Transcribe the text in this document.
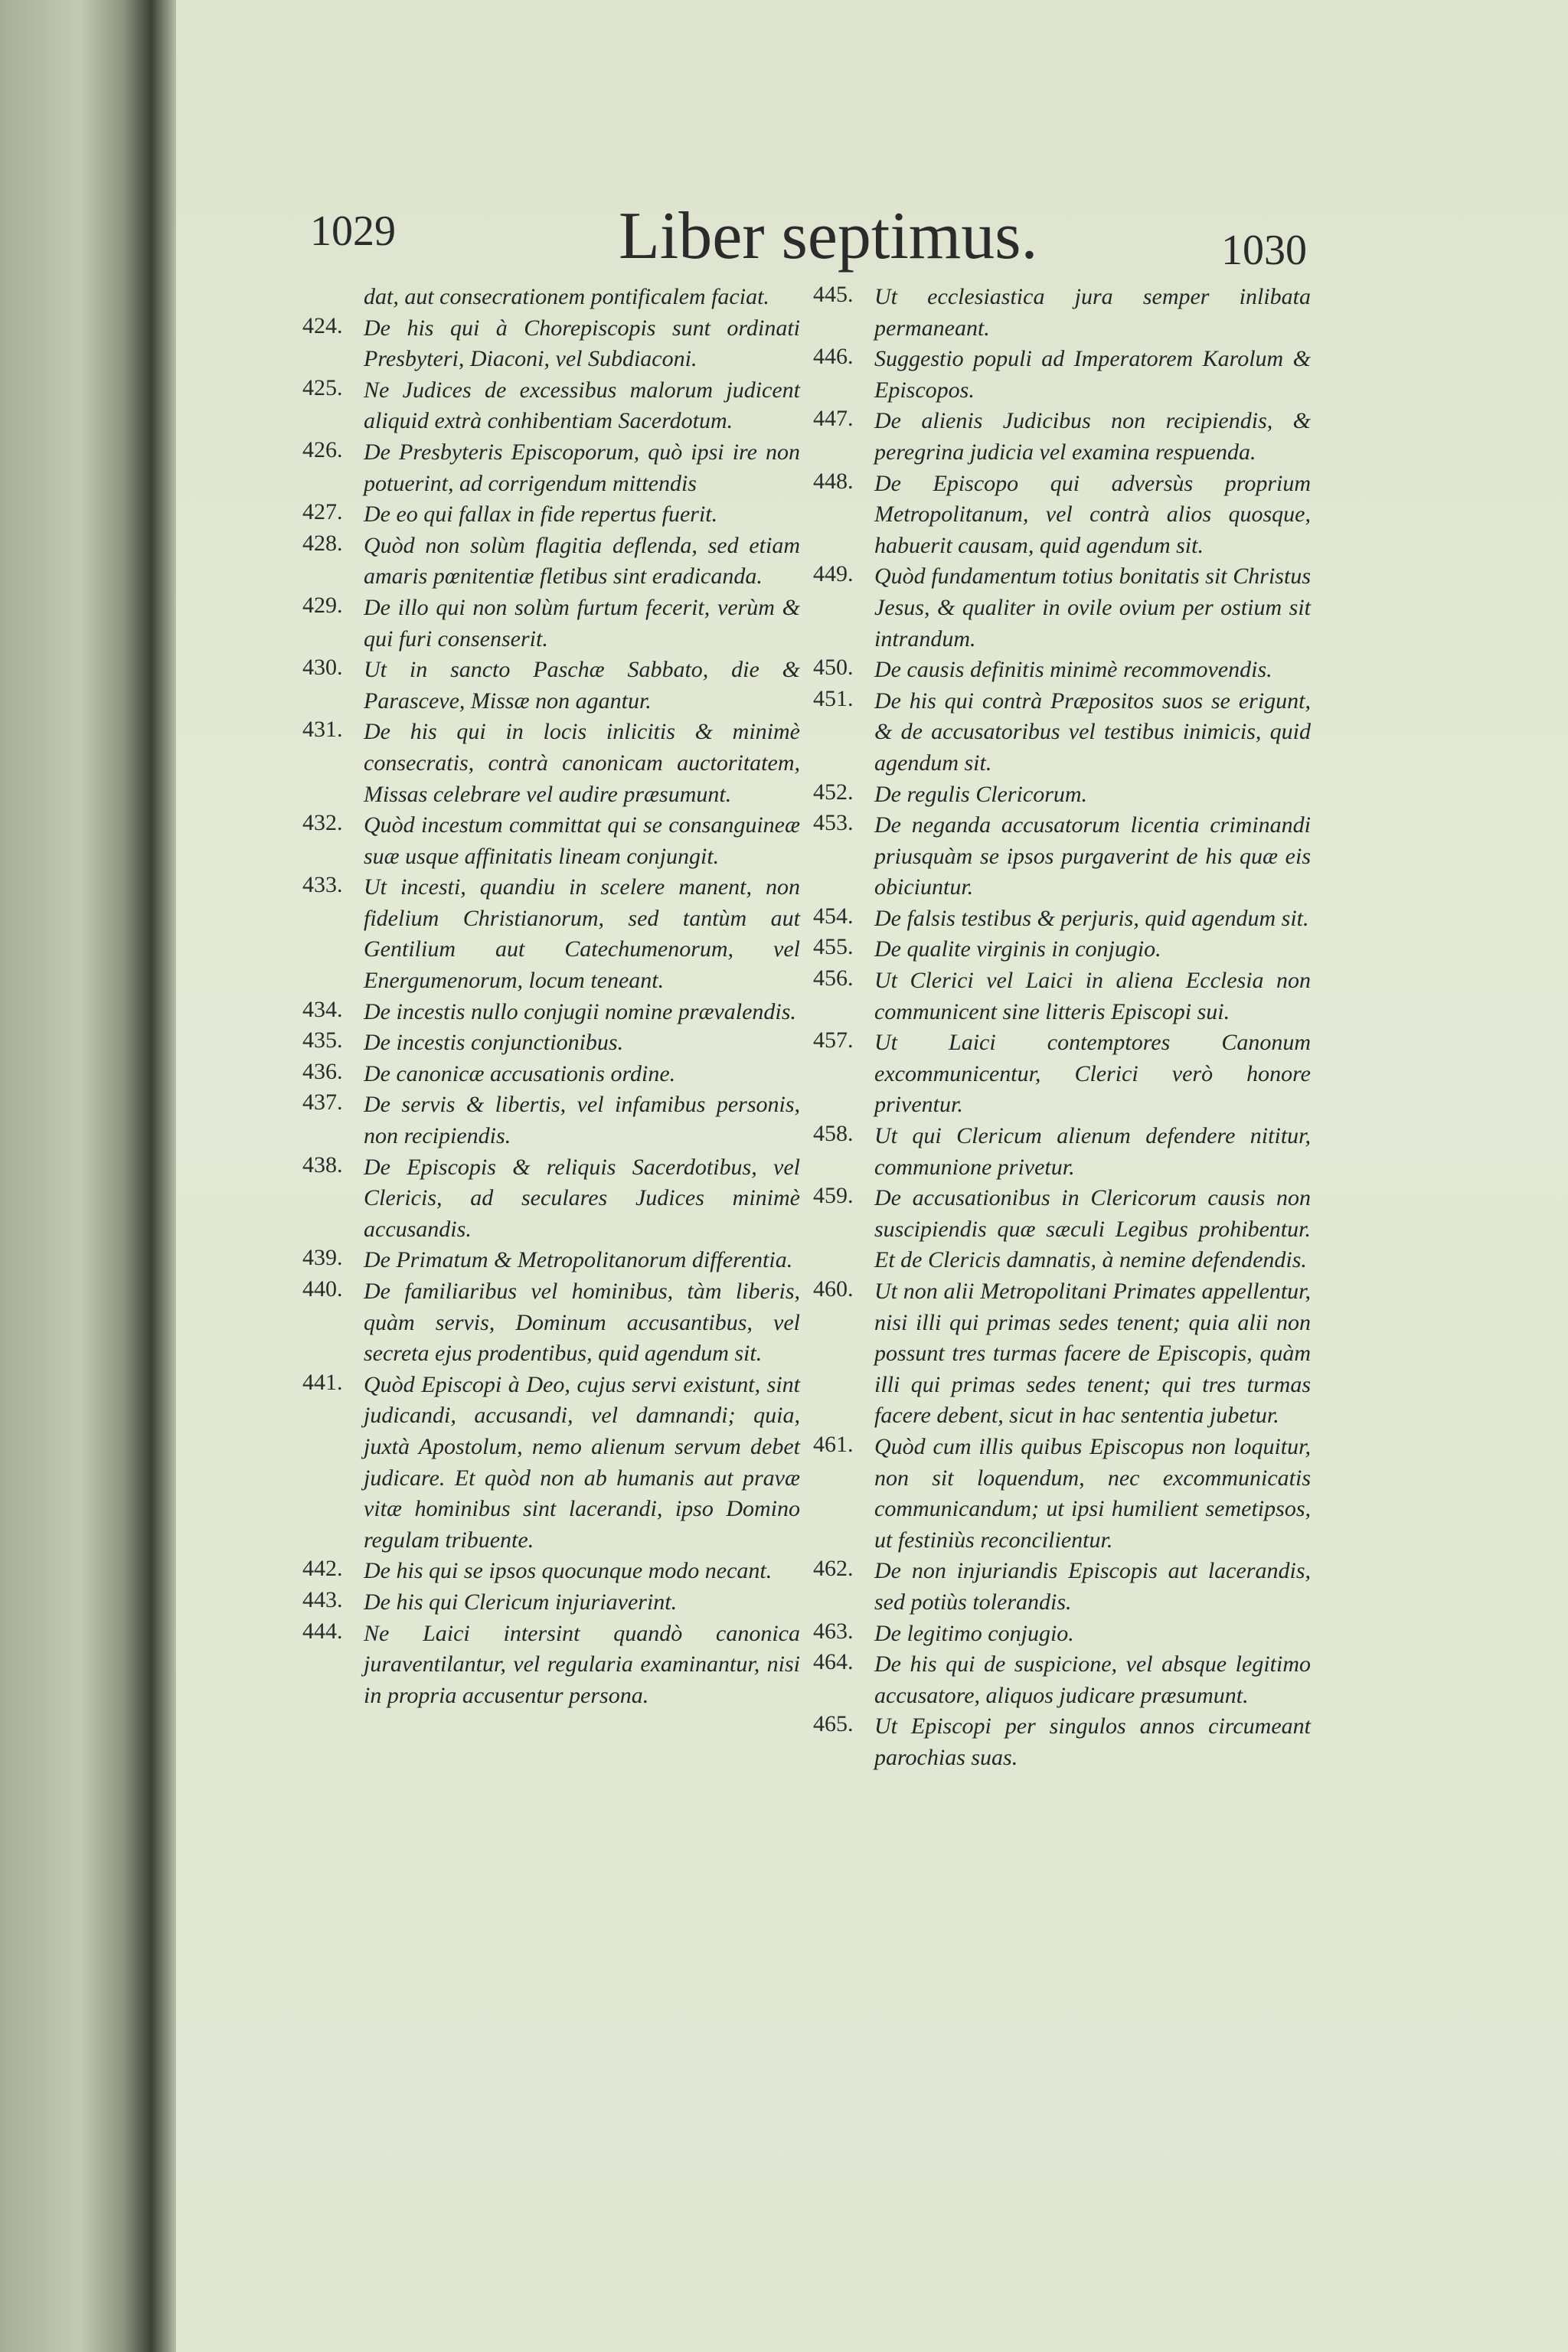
1029	Liber septimus.	1030
dat, aut consecrationem pontificalem faciat.
424. De his qui à Chorepiscopis sunt ordinati Presbyteri, Diaconi, vel Subdiaconi.
425. Ne Judices de excessibus malorum judicent aliquid extrà conhibentiam Sacerdotum.
426. De Presbyteris Episcoporum, quò ipsi ire non potuerint, ad corrigendum mittendis
427. De eo qui fallax in fide repertus fuerit.
428. Quòd non solùm flagitia deflenda, sed etiam amaris pœnitentiæ fletibus sint eradicanda.
429. De illo qui non solùm furtum fecerit, verùm & qui furi consenserit.
430. Ut in sancto Paschæ Sabbato, die & Parasceve, Missæ non agantur.
431. De his qui in locis inlicitis & minimè consecratis, contrà canonicam auctoritatem, Missas celebrare vel audire præsumunt.
432. Quòd incestum committat qui se consanguineæ suæ usque affinitatis lineam conjungit.
433. Ut incesti, quandiu in scelere manent, non fidelium Christianorum, sed tantùm aut Gentilium aut Catechumenorum, vel Energumenorum, locum teneant.
434. De incestis nullo conjugii nomine prævalendis.
435. De incestis conjunctionibus.
436. De canonicæ accusationis ordine.
437. De servis & libertis, vel infamibus personis, non recipiendis.
438. De Episcopis & reliquis Sacerdotibus, vel Clericis, ad seculares Judices minimè accusandis.
439. De Primatum & Metropolitanorum differentia.
440. De familiaribus vel hominibus, tàm liberis, quàm servis, Dominum accusantibus, vel secreta ejus prodentibus, quid agendum sit.
441. Quòd Episcopi à Deo, cujus servi existunt, sint judicandi, accusandi, vel damnandi; quia, juxtà Apostolum, nemo alienum servum debet judicare. Et quòd non ab humanis aut pravæ vitæ hominibus sint lacerandi, ipso Domino regulam tribuente.
442. De his qui se ipsos quocunque modo necant.
443. De his qui Clericum injuriaverint.
444. Ne Laici intersint quandò canonica juraventilantur, vel regularia examinantur, nisi in propria accusentur persona.
445. Ut ecclesiastica jura semper inlibata permaneant.
446. Suggestio populi ad Imperatorem Karolum & Episcopos.
447. De alienis Judicibus non recipiendis, & peregrina judicia vel examina respuenda.
448. De Episcopo qui adversùs proprium Metropolitanum, vel contrà alios quosque, habuerit causam, quid agendum sit.
449. Quòd fundamentum totius bonitatis sit Christus Jesus, & qualiter in ovile ovium per ostium sit intrandum.
450. De causis definitis minimè recommovendis.
451. De his qui contrà Præpositos suos se erigunt, & de accusatoribus vel testibus inimicis, quid agendum sit.
452. De regulis Clericorum.
453. De neganda accusatorum licentia criminandi priusquàm se ipsos purgaverint de his quæ eis obiciuntur.
454. De falsis testibus & perjuris, quid agendum sit.
455. De qualite virginis in conjugio.
456. Ut Clerici vel Laici in aliena Ecclesia non communicent sine litteris Episcopi sui.
457. Ut Laici contemptores Canonum excommunicentur, Clerici verò honore priventur.
458. Ut qui Clericum alienum defendere nititur, communione privetur.
459. De accusationibus in Clericorum causis non suscipiendis quæ sæculi Legibus prohibentur. Et de Clericis damnatis, à nemine defendendis.
460. Ut non alii Metropolitani Primates appellentur, nisi illi qui primas sedes tenent; quia alii non possunt tres turmas facere de Episcopis, quàm illi qui primas sedes tenent; qui tres turmas facere debent, sicut in hac sententia jubetur.
461. Quòd cum illis quibus Episcopus non loquitur, non sit loquendum, nec excommunicatis communicandum; ut ipsi humilient semetipsos, ut festiniùs reconcilientur.
462. De non injuriandis Episcopis aut lacerandis, sed potiùs tolerandis.
463. De legitimo conjugio.
464. De his qui de suspicione, vel absque legitimo accusatore, aliquos judicare præsumunt.
465. Ut Episcopi per singulos annos circumeant parochias suas.
